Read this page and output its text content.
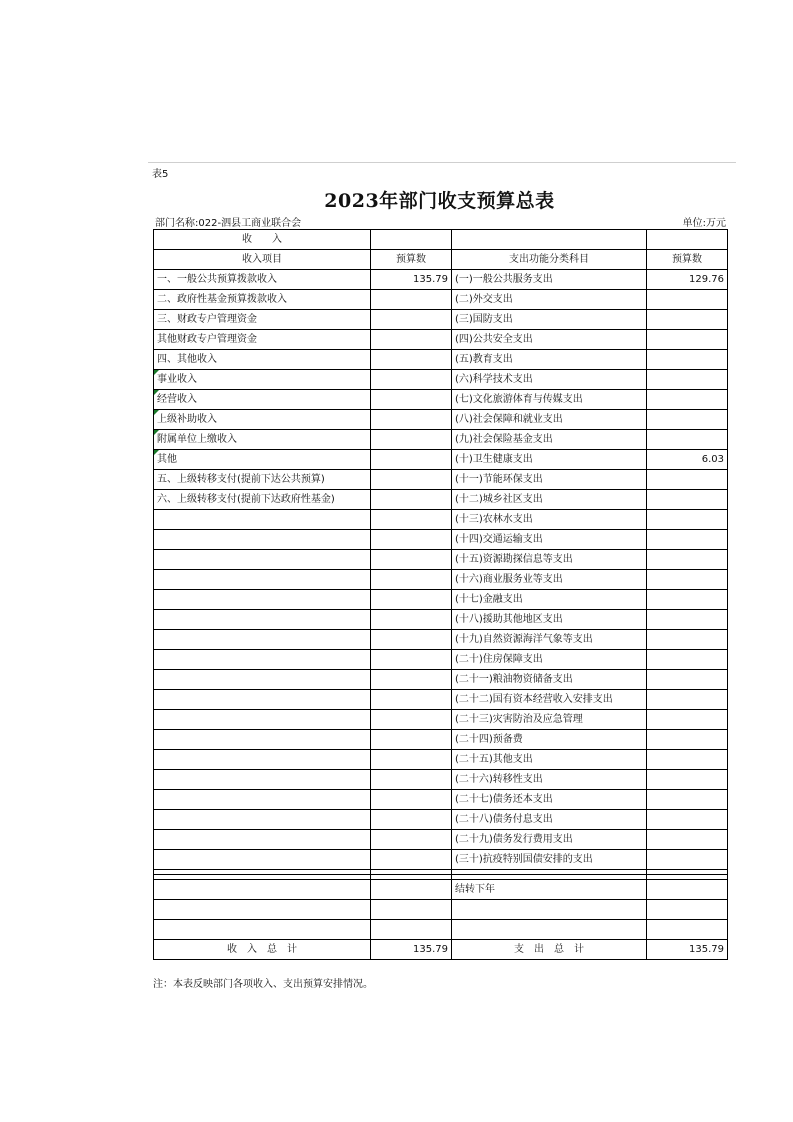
表5
2023年部门收支预算总表
部门名称:022-泗县工商业联合会	单位:万元
收　　入			
收入项目	预算数	支出功能分类科目	预算数
一、一般公共预算拨款收入	135.79	(一)一般公共服务支出	129.76
二、政府性基金预算拨款收入		(二)外交支出	
三、财政专户管理资金		(三)国防支出	
其他财政专户管理资金		(四)公共安全支出	
四、其他收入		(五)教育支出	
事业收入		(六)科学技术支出	
经营收入		(七)文化旅游体育与传媒支出	
上级补助收入		(八)社会保障和就业支出	
附属单位上缴收入		(九)社会保险基金支出	
其他		(十)卫生健康支出	6.03
五、上级转移支付(提前下达公共预算)		(十一)节能环保支出	
六、上级转移支付(提前下达政府性基金)		(十二)城乡社区支出	
		(十三)农林水支出	
		(十四)交通运输支出	
		(十五)资源勘探信息等支出	
		(十六)商业服务业等支出	
		(十七)金融支出	
		(十八)援助其他地区支出	
		(十九)自然资源海洋气象等支出	
		(二十)住房保障支出	
		(二十一)粮油物资储备支出	
		(二十二)国有资本经营收入安排支出	
		(二十三)灾害防治及应急管理	
		(二十四)预备费	
		(二十五)其他支出	
		(二十六)转移性支出	
		(二十七)债务还本支出	
		(二十八)债务付息支出	
		(二十九)债务发行费用支出	
		(三十)抗疫特别国债安排的支出	

		结转下年	

收　入　总　计	135.79	支　出　总　计	135.79
注：本表反映部门各项收入、支出预算安排情况。
